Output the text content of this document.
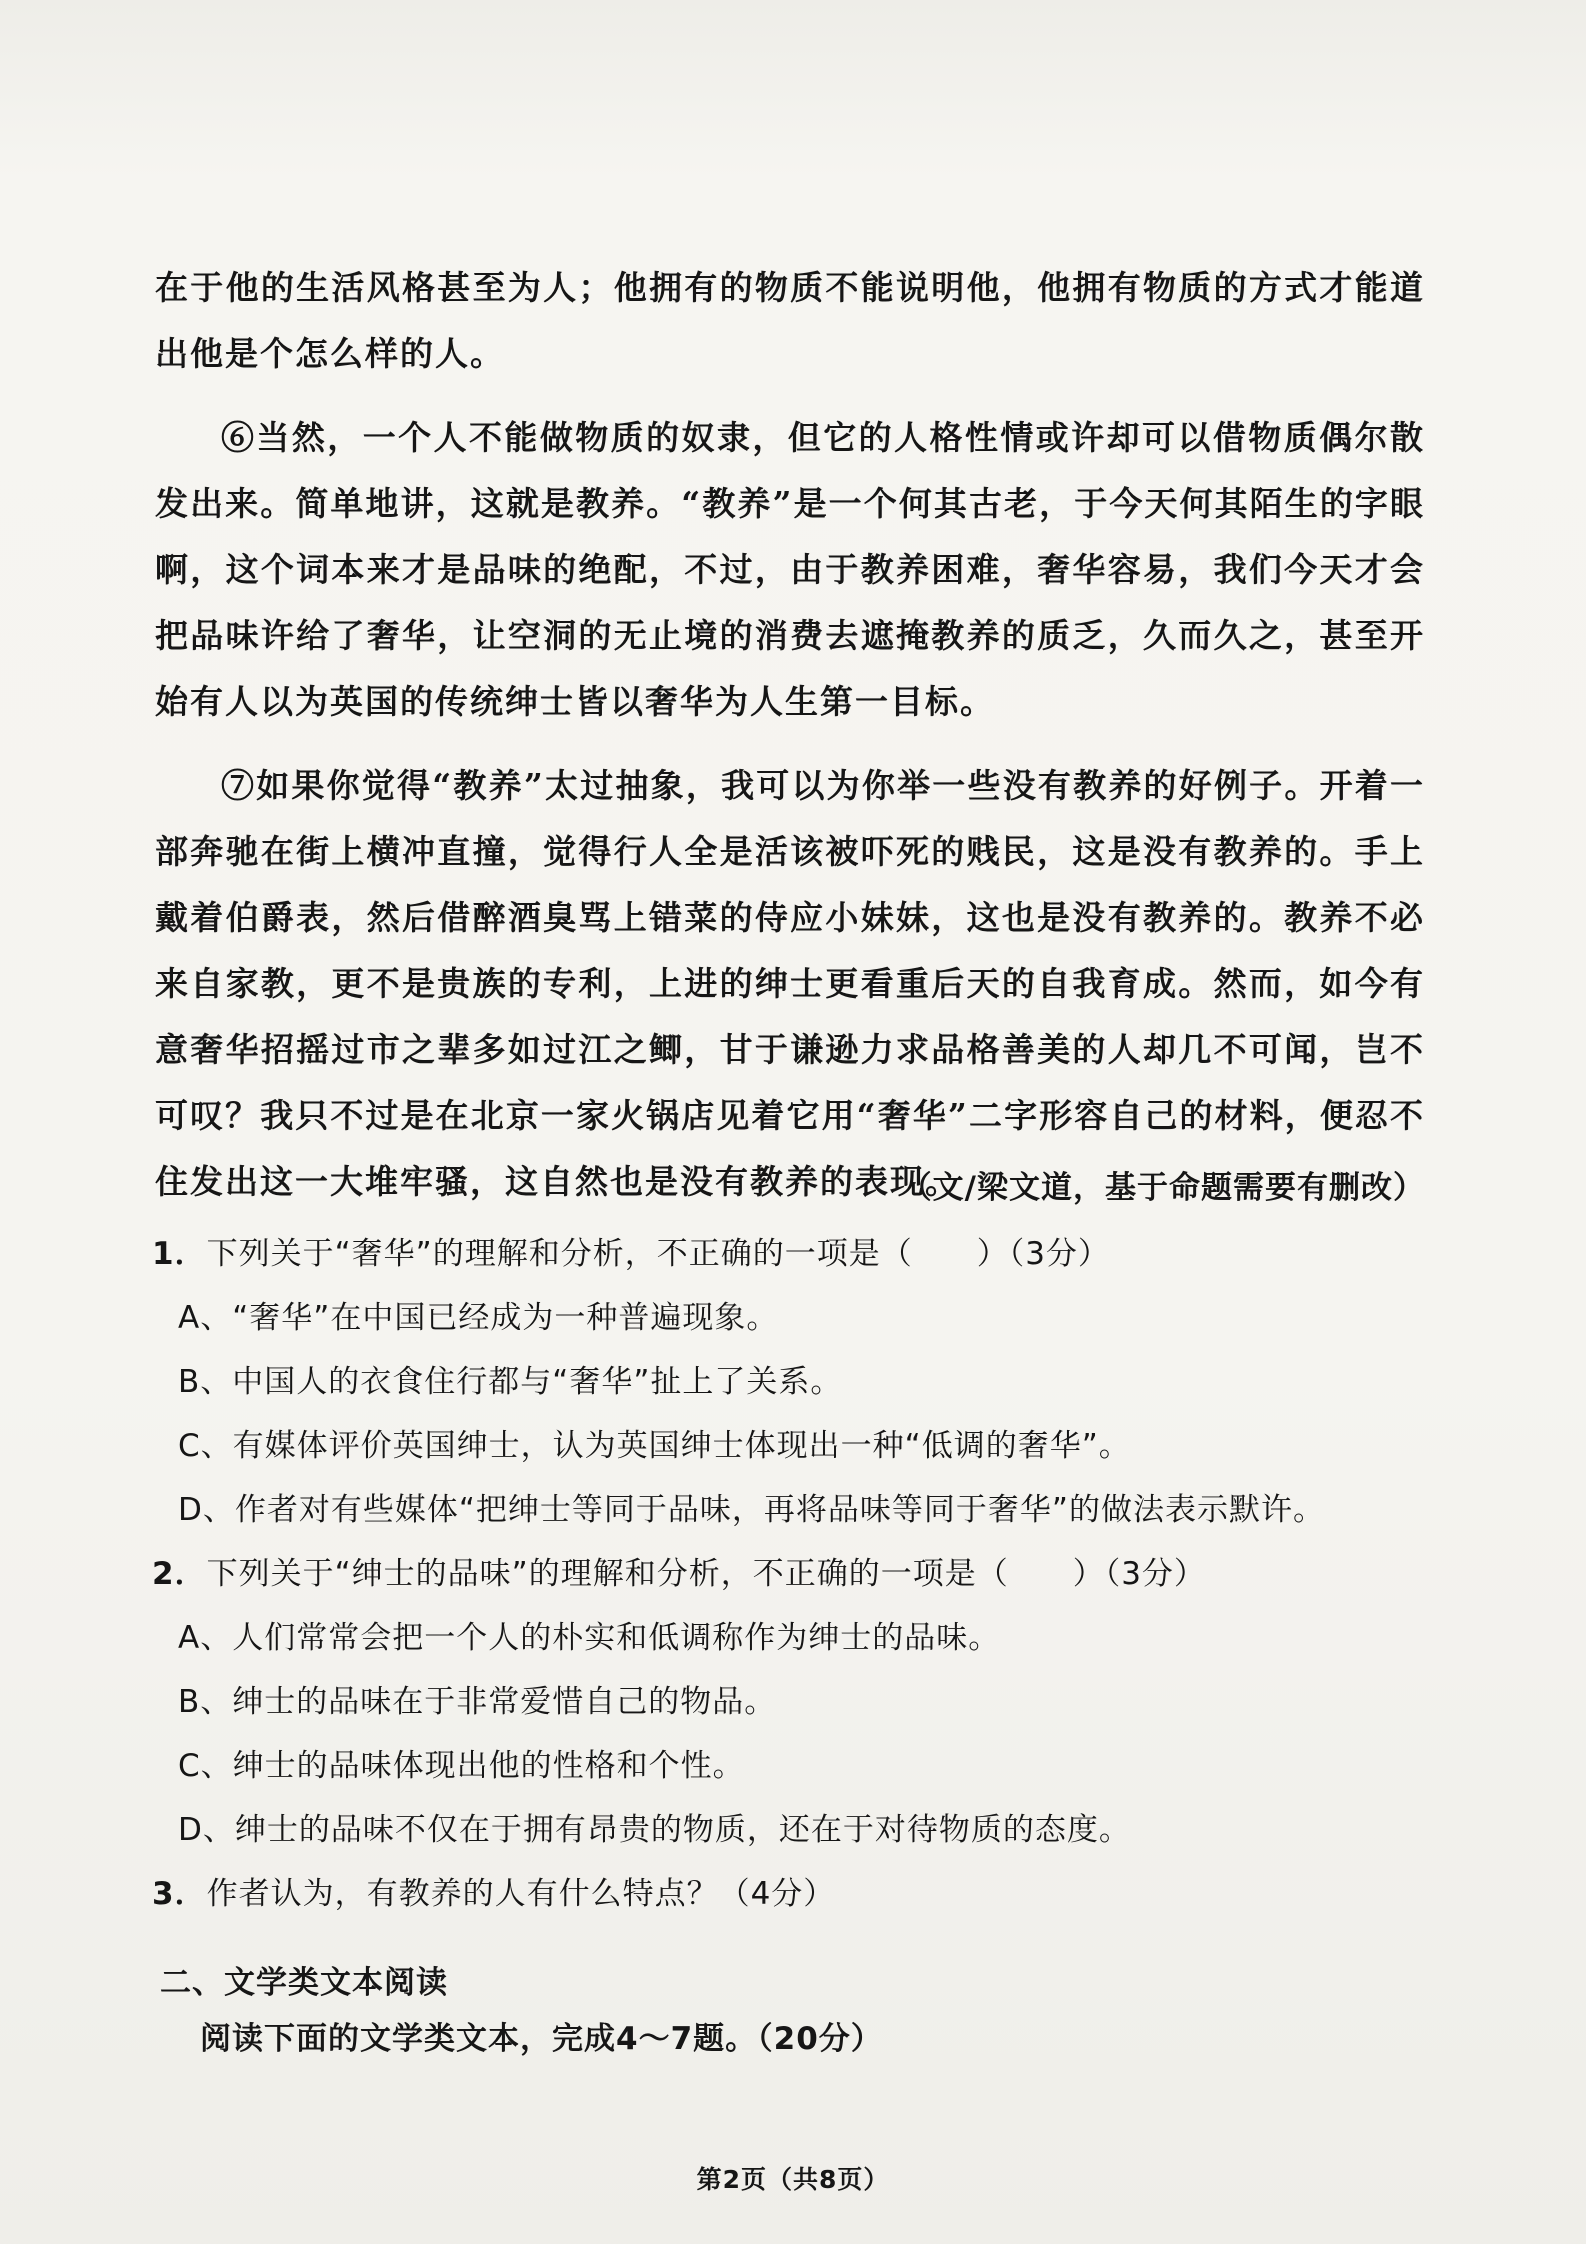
在于他的生活风格甚至为人；他拥有的物质不能说明他，他拥有物质的方式才能道出他是个怎么样的人。

⑥当然，一个人不能做物质的奴隶，但它的人格性情或许却可以借物质偶尔散发出来。简单地讲，这就是教养。“教养”是一个何其古老，于今天何其陌生的字眼啊，这个词本来才是品味的绝配，不过，由于教养困难，奢华容易，我们今天才会把品味许给了奢华，让空洞的无止境的消费去遮掩教养的质乏，久而久之，甚至开始有人以为英国的传统绅士皆以奢华为人生第一目标。

⑦如果你觉得“教养”太过抽象，我可以为你举一些没有教养的好例子。开着一部奔驰在街上横冲直撞，觉得行人全是活该被吓死的贱民，这是没有教养的。手上戴着伯爵表，然后借醉酒臭骂上错菜的侍应小妹妹，这也是没有教养的。教养不必来自家教，更不是贵族的专利，上进的绅士更看重后天的自我育成。然而，如今有意奢华招摇过市之辈多如过江之鲫，甘于谦逊力求品格善美的人却几不可闻，岂不可叹？我只不过是在北京一家火锅店见着它用“奢华”二字形容自己的材料，便忍不住发出这一大堆牢骚，这自然也是没有教养的表现。

（文/梁文道，基于命题需要有删改）

1．下列关于“奢华”的理解和分析，不正确的一项是（　　）（3分）

A、“奢华”在中国已经成为一种普遍现象。

B、中国人的衣食住行都与“奢华”扯上了关系。

C、有媒体评价英国绅士，认为英国绅士体现出一种“低调的奢华”。

D、作者对有些媒体“把绅士等同于品味，再将品味等同于奢华”的做法表示默许。

2．下列关于“绅士的品味”的理解和分析，不正确的一项是（　　）（3分）

A、人们常常会把一个人的朴实和低调称作为绅士的品味。

B、绅士的品味在于非常爱惜自己的物品。

C、绅士的品味体现出他的性格和个性。

D、绅士的品味不仅在于拥有昂贵的物质，还在于对待物质的态度。

3．作者认为，有教养的人有什么特点？（4分）

二、文学类文本阅读

阅读下面的文学类文本，完成4～7题。（20分）

第2页（共8页）
